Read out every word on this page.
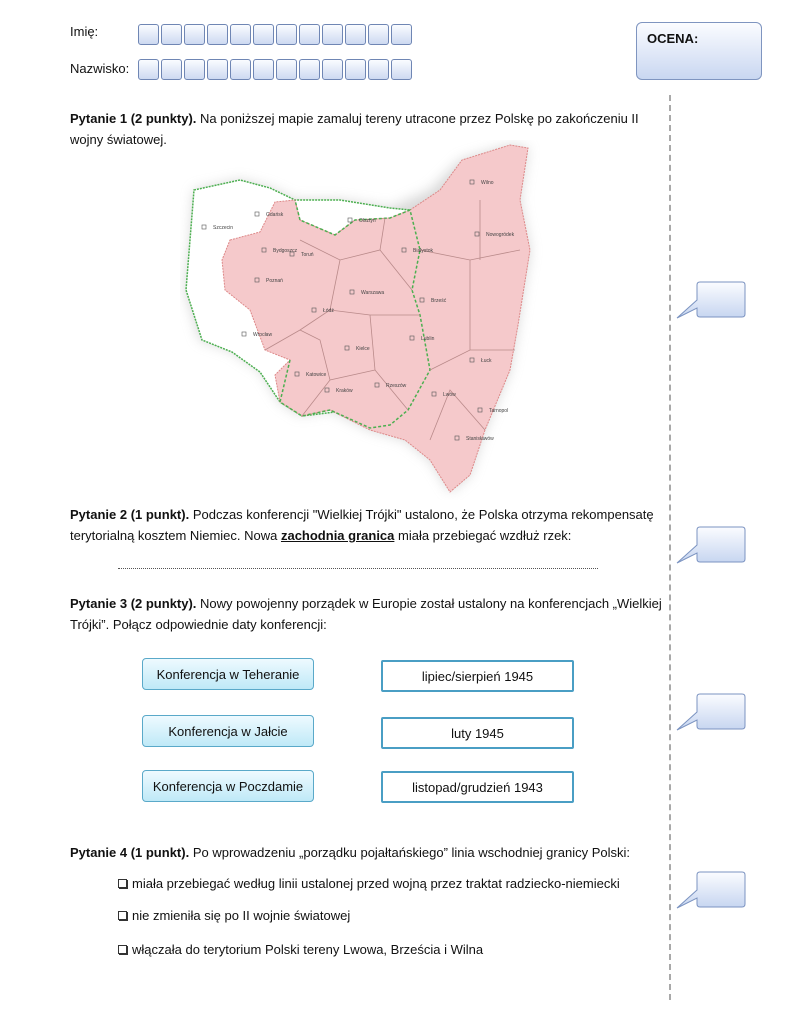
Imię:
Nazwisko:
OCENA:
Pytanie 1 (2 punkty). Na poniższej mapie zamaluj tereny utracone przez Polskę po zakończeniu II wojny światowej.
Gdańsk
Szczecin
Olsztyn
Wilno
Nowogródek
Białystok
Bydgoszcz
Toruń
Poznań
Warszawa
Brześć
Łódź
Wrocław
Lublin
Kielce
Łuck
Katowice
Kraków
Rzeszów
Lwów
Tarnopol
Stanisławów
Pytanie 2 (1 punkt). Podczas konferencji "Wielkiej Trójki" ustalono, że Polska otrzyma rekompensatę terytorialną kosztem Niemiec. Nowa zachodnia granica miała przebiegać wzdłuż rzek:
Pytanie 3 (2 punkty). Nowy powojenny porządek w Europie został ustalony na konferencjach „Wielkiej Trójki”. Połącz odpowiednie daty konferencji:
Konferencja w Teheranie
Konferencja w Jałcie
Konferencja w Poczdamie
lipiec/sierpień 1945
luty 1945
listopad/grudzień 1943
Pytanie 4 (1 punkt). Po wprowadzeniu „porządku pojałtańskiego” linia wschodniej granicy Polski:
miała przebiegać według linii ustalonej przed wojną przez traktat radziecko-niemiecki
nie zmieniła się po II wojnie światowej
włączała do terytorium Polski tereny Lwowa, Brześcia i Wilna
